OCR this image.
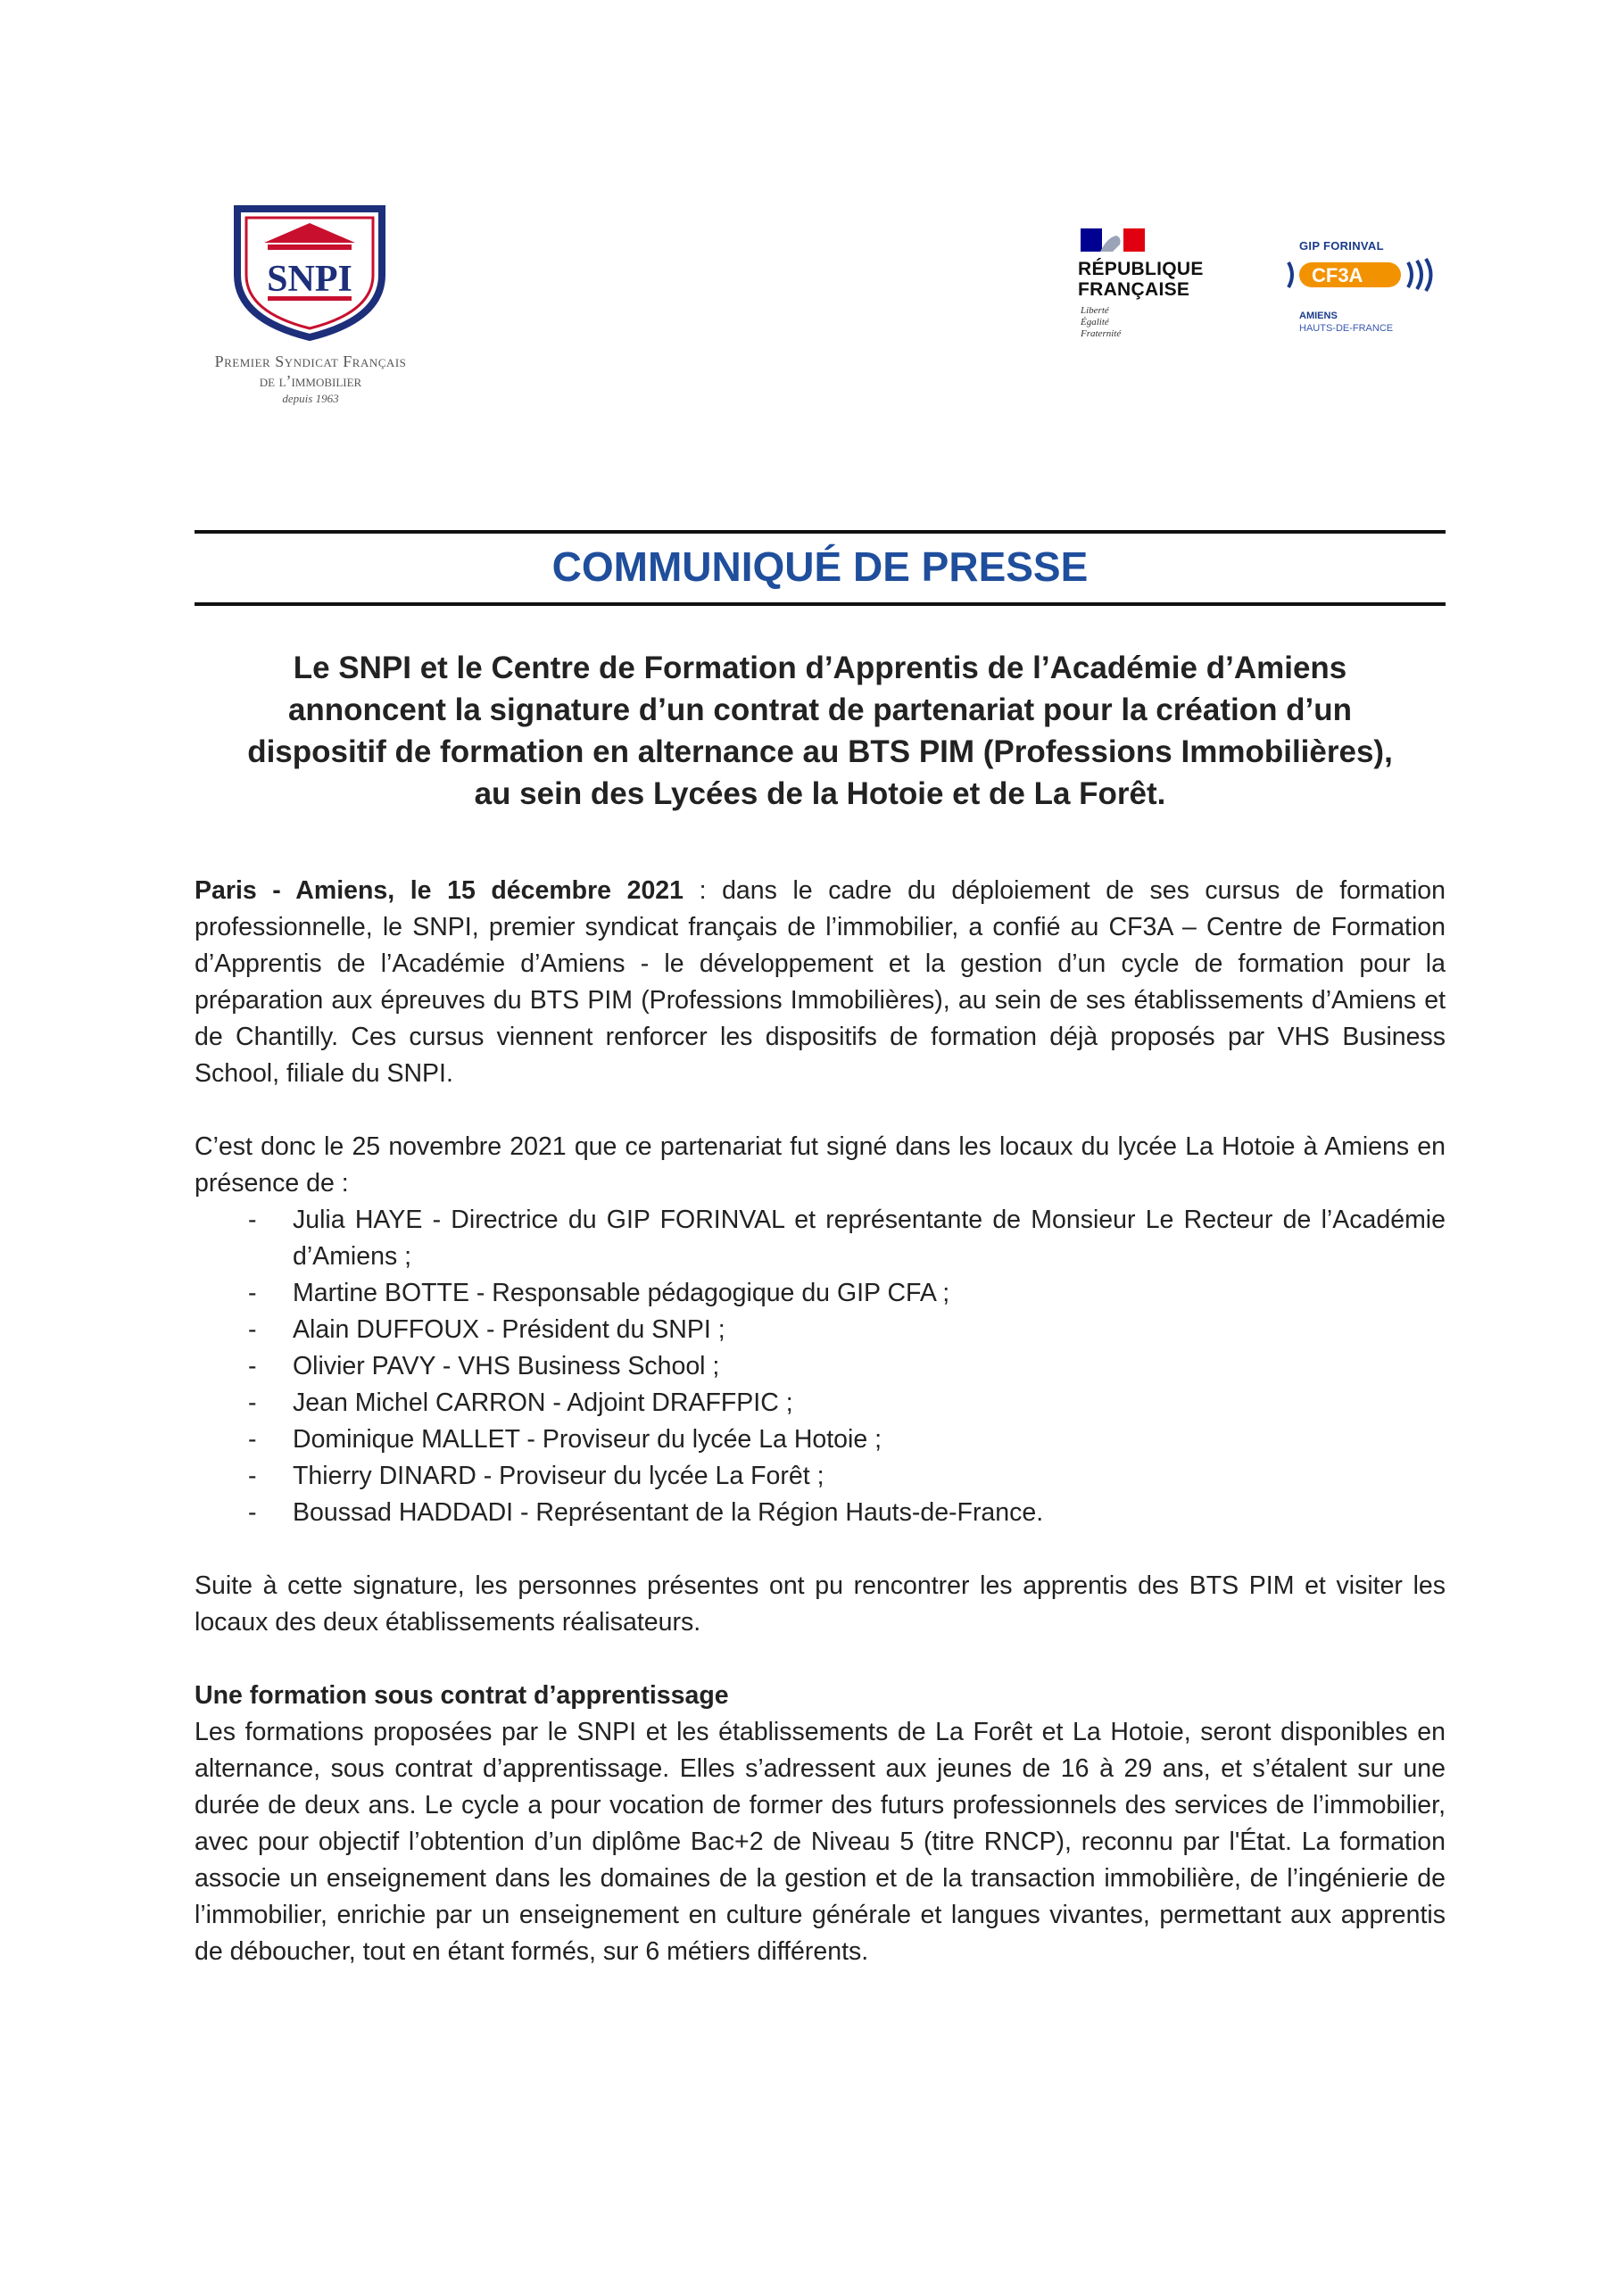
SNPI
Premier Syndicat Français
de l’immobilier
depuis 1963
RÉPUBLIQUE
FRANÇAISE
Liberté
Égalité
Fraternité
GIP FORINVAL
CF3A
AMIENS
HAUTS-DE-FRANCE
COMMUNIQUÉ DE PRESSE
Le SNPI et le Centre de Formation d’Apprentis de l’Académie d’Amiens
annoncent la signature d’un contrat de partenariat pour la création d’un
dispositif de formation en alternance au BTS PIM (Professions Immobilières),
au sein des Lycées de la Hotoie et de La Forêt.

Paris - Amiens, le 15 décembre 2021 : dans le cadre du déploiement de ses cursus de formation professionnelle, le SNPI, premier syndicat français de l’immobilier, a confié au CF3A – Centre de Formation d’Apprentis de l’Académie d’Amiens - le développement et la gestion d’un cycle de formation pour la préparation aux épreuves du BTS PIM (Professions Immobilières), au sein de ses établissements d’Amiens et de Chantilly. Ces cursus viennent renforcer les dispositifs de formation déjà proposés par VHS Business School, filiale du SNPI.

C’est donc le 25 novembre 2021 que ce partenariat fut signé dans les locaux du lycée La Hotoie à Amiens en présence de :

- Julia HAYE - Directrice du GIP FORINVAL et représentante de Monsieur Le Recteur de l’Académie d’Amiens ;
- Martine BOTTE - Responsable pédagogique du GIP CFA ;
- Alain DUFFOUX - Président du SNPI ;
- Olivier PAVY - VHS Business School ;
- Jean Michel CARRON - Adjoint DRAFFPIC ;
- Dominique MALLET - Proviseur du lycée La Hotoie ;
- Thierry DINARD - Proviseur du lycée La Forêt ;
- Boussad HADDADI - Représentant de la Région Hauts-de-France.

Suite à cette signature, les personnes présentes ont pu rencontrer les apprentis des BTS PIM et visiter les locaux des deux établissements réalisateurs.

Une formation sous contrat d’apprentissage

Les formations proposées par le SNPI et les établissements de La Forêt et La Hotoie, seront disponibles en alternance, sous contrat d’apprentissage. Elles s’adressent aux jeunes de 16 à 29 ans, et s’étalent sur une durée de deux ans. Le cycle a pour vocation de former des futurs professionnels des services de l’immobilier, avec pour objectif l’obtention d’un diplôme Bac+2 de Niveau 5 (titre RNCP), reconnu par l'État. La formation associe un enseignement dans les domaines de la gestion et de la transaction immobilière, de l’ingénierie de l’immobilier, enrichie par un enseignement en culture générale et langues vivantes, permettant aux apprentis de déboucher, tout en étant formés, sur 6 métiers différents.
